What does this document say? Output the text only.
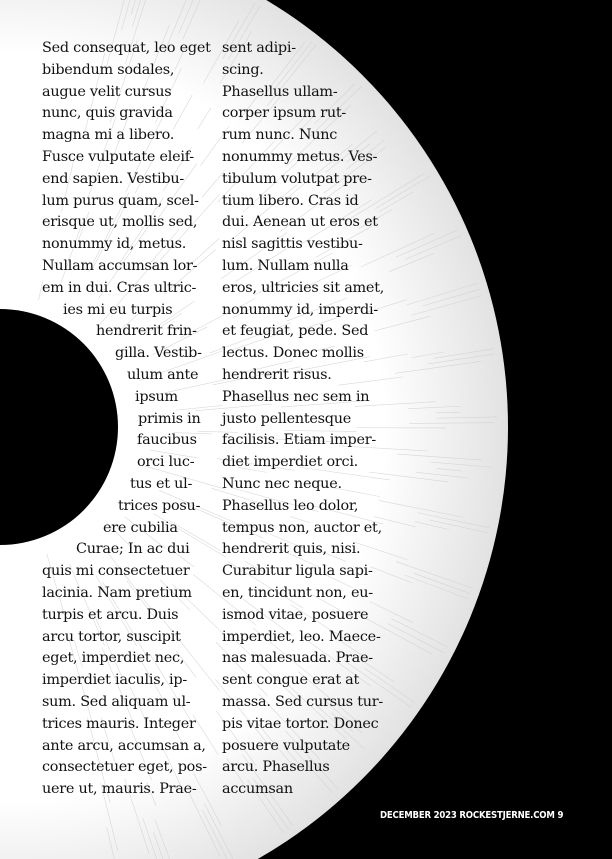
Sed consequat, leo eget
bibendum sodales,
augue velit cursus
nunc, quis gravida
magna mi a libero.
Fusce vulputate eleif-
end sapien. Vestibu-
lum purus quam, scel-
erisque ut, mollis sed,
nonummy id, metus.
Nullam accumsan lor-
em in dui. Cras ultric-
ies mi eu turpis
hendrerit frin-
gilla. Vestib-
ulum ante
ipsum
primis in
faucibus
orci luc-
tus et ul-
trices posu-
ere cubilia
Curae; In ac dui
quis mi consectetuer
lacinia. Nam pretium
turpis et arcu. Duis
arcu tortor, suscipit
eget, imperdiet nec,
imperdiet iaculis, ip-
sum. Sed aliquam ul-
trices mauris. Integer
ante arcu, accumsan a,
consectetuer eget, pos-
uere ut, mauris. Prae-
sent adipi-
scing.
Phasellus ullam-
corper ipsum rut-
rum nunc. Nunc
nonummy metus. Ves-
tibulum volutpat pre-
tium libero. Cras id
dui. Aenean ut eros et
nisl sagittis vestibu-
lum. Nullam nulla
eros, ultricies sit amet,
nonummy id, imperdi-
et feugiat, pede. Sed
lectus. Donec mollis
hendrerit risus.
Phasellus nec sem in
justo pellentesque
facilisis. Etiam imper-
diet imperdiet orci.
Nunc nec neque.
Phasellus leo dolor,
tempus non, auctor et,
hendrerit quis, nisi.
Curabitur ligula sapi-
en, tincidunt non, eu-
ismod vitae, posuere
imperdiet, leo. Maece-
nas malesuada. Prae-
sent congue erat at
massa. Sed cursus tur-
pis vitae tortor. Donec
posuere vulputate
arcu. Phasellus
accumsan
DECEMBER 2023 ROCKESTJERNE.COM 9
